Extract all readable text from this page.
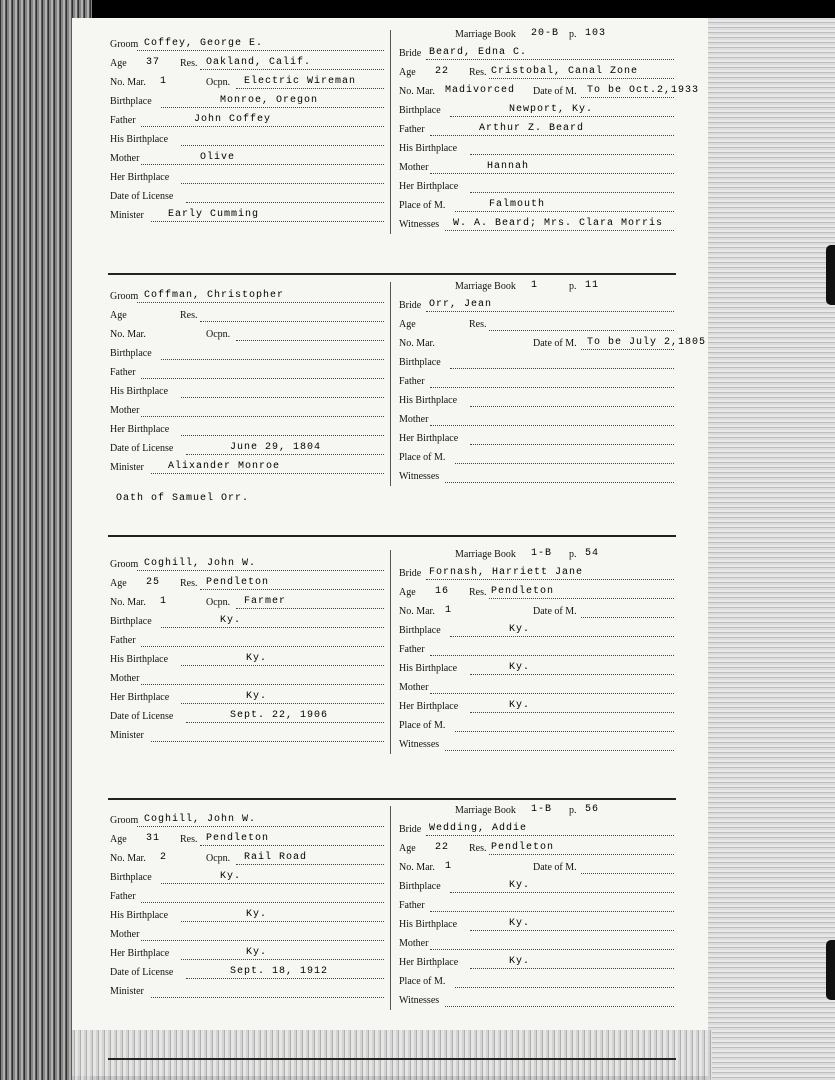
Groom Coffey, George E.
Age 37 Res. Oakland, Calif.
No. Mar. 1	Ocpn. Electric Wireman
Birthplace	Monroe, Oregon
Father	John Coffey
His Birthplace
Mother	Olive
Her Birthplace
Date of License
Minister Early Cumming
Marriage Book 20-B p. 103
Bride Beard, Edna C.
Age 22 Res. Cristobal, Canal Zone
No. Mar. Ma divorced Date of M. To be Oct.2,1933
Birthplace	Newport, Ky.
Father	Arthur Z. Beard
His Birthplace
Mother	Hannah
Her Birthplace
Place of M.	Falmouth
Witnesses W. A. Beard; Mrs. Clara Morris
Groom Coffman, Christopher
Age	Res.
No. Mar.	Ocpn.
Birthplace
Father
His Birthplace
Mother
Her Birthplace
Date of License	June 29, 1804
Minister Alixander Monroe
Marriage Book 1	p. 11
Bride Orr, Jean
Age	Res.
No. Mar.	Date of M. To be July 2,1805
Birthplace
Father
His Birthplace
Mother
Her Birthplace
Place of M.
Witnesses
Oath of Samuel Orr.
Groom Coghill, John W.
Age 25 Res. Pendleton
No. Mar. 1	Ocpn. Farmer
Birthplace	Ky.
Father
His Birthplace	Ky.
Mother
Her Birthplace	Ky.
Date of License	Sept. 22, 1906
Minister
Marriage Book 1-B p. 54
Bride Fornash, Harriett Jane
Age 16 Res. Pendleton
No. Mar. 1	Date of M.
Birthplace	Ky.
Father
His Birthplace	Ky.
Mother
Her Birthplace	Ky.
Place of M.
Witnesses
Groom Coghill, John W.
Age 31 Res. Pendleton
No. Mar. 2	Ocpn. Rail Road
Birthplace	Ky.
Father
His Birthplace	Ky.
Mother
Her Birthplace	Ky.
Date of License	Sept. 18, 1912
Minister
Marriage Book 1-B p. 56
Bride Wedding, Addie
Age 22 Res. Pendleton
No. Mar. 1	Date of M.
Birthplace	Ky.
Father
His Birthplace	Ky.
Mother
Her Birthplace	Ky.
Place of M.
Witnesses
